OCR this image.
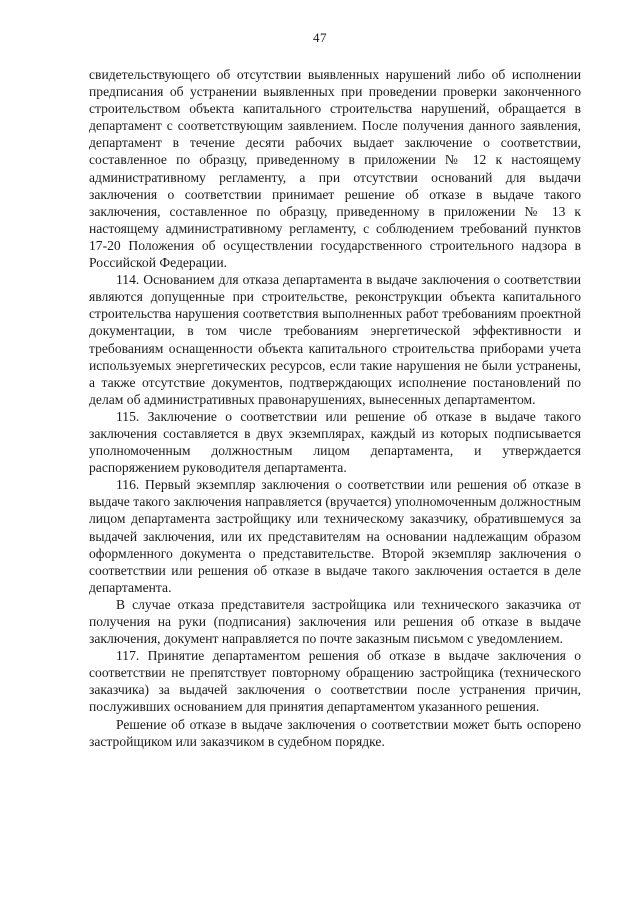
47

свидетельствующего об отсутствии выявленных нарушений либо об исполнении предписания об устранении выявленных при проведении проверки законченного строительством объекта капитального строительства нарушений, обращается в департамент с соответствующим заявлением. После получения данного заявления, департамент в течение десяти рабочих выдает заключение о соответствии, составленное по образцу, приведенному в приложении № 12 к настоящему административному регламенту, а при отсутствии оснований для выдачи заключения о соответствии принимает решение об отказе в выдаче такого заключения, составленное по образцу, приведенному в приложении № 13 к настоящему административному регламенту, с соблюдением требований пунктов 17-20 Положения об осуществлении государственного строительного надзора в Российской Федерации.

114. Основанием для отказа департамента в выдаче заключения о соответствии являются допущенные при строительстве, реконструкции объекта капитального строительства нарушения соответствия выполненных работ требованиям проектной документации, в том числе требованиям энергетической эффективности и требованиям оснащенности объекта капитального строительства приборами учета используемых энергетических ресурсов, если такие нарушения не были устранены, а также отсутствие документов, подтверждающих исполнение постановлений по делам об административных правонарушениях, вынесенных департаментом.

115. Заключение о соответствии или решение об отказе в выдаче такого заключения составляется в двух экземплярах, каждый из которых подписывается уполномоченным должностным лицом департамента, и утверждается распоряжением руководителя департамента.

116. Первый экземпляр заключения о соответствии или решения об отказе в выдаче такого заключения направляется (вручается) уполномоченным должностным лицом департамента застройщику или техническому заказчику, обратившемуся за выдачей заключения, или их представителям на основании надлежащим образом оформленного документа о представительстве. Второй экземпляр заключения о соответствии или решения об отказе в выдаче такого заключения остается в деле департамента.

В случае отказа представителя застройщика или технического заказчика от получения на руки (подписания) заключения или решения об отказе в выдаче заключения, документ направляется по почте заказным письмом с уведомлением.

117. Принятие департаментом решения об отказе в выдаче заключения о соответствии не препятствует повторному обращению застройщика (технического заказчика) за выдачей заключения о соответствии после устранения причин, послуживших основанием для принятия департаментом указанного решения.

Решение об отказе в выдаче заключения о соответствии может быть оспорено застройщиком или заказчиком в судебном порядке.
